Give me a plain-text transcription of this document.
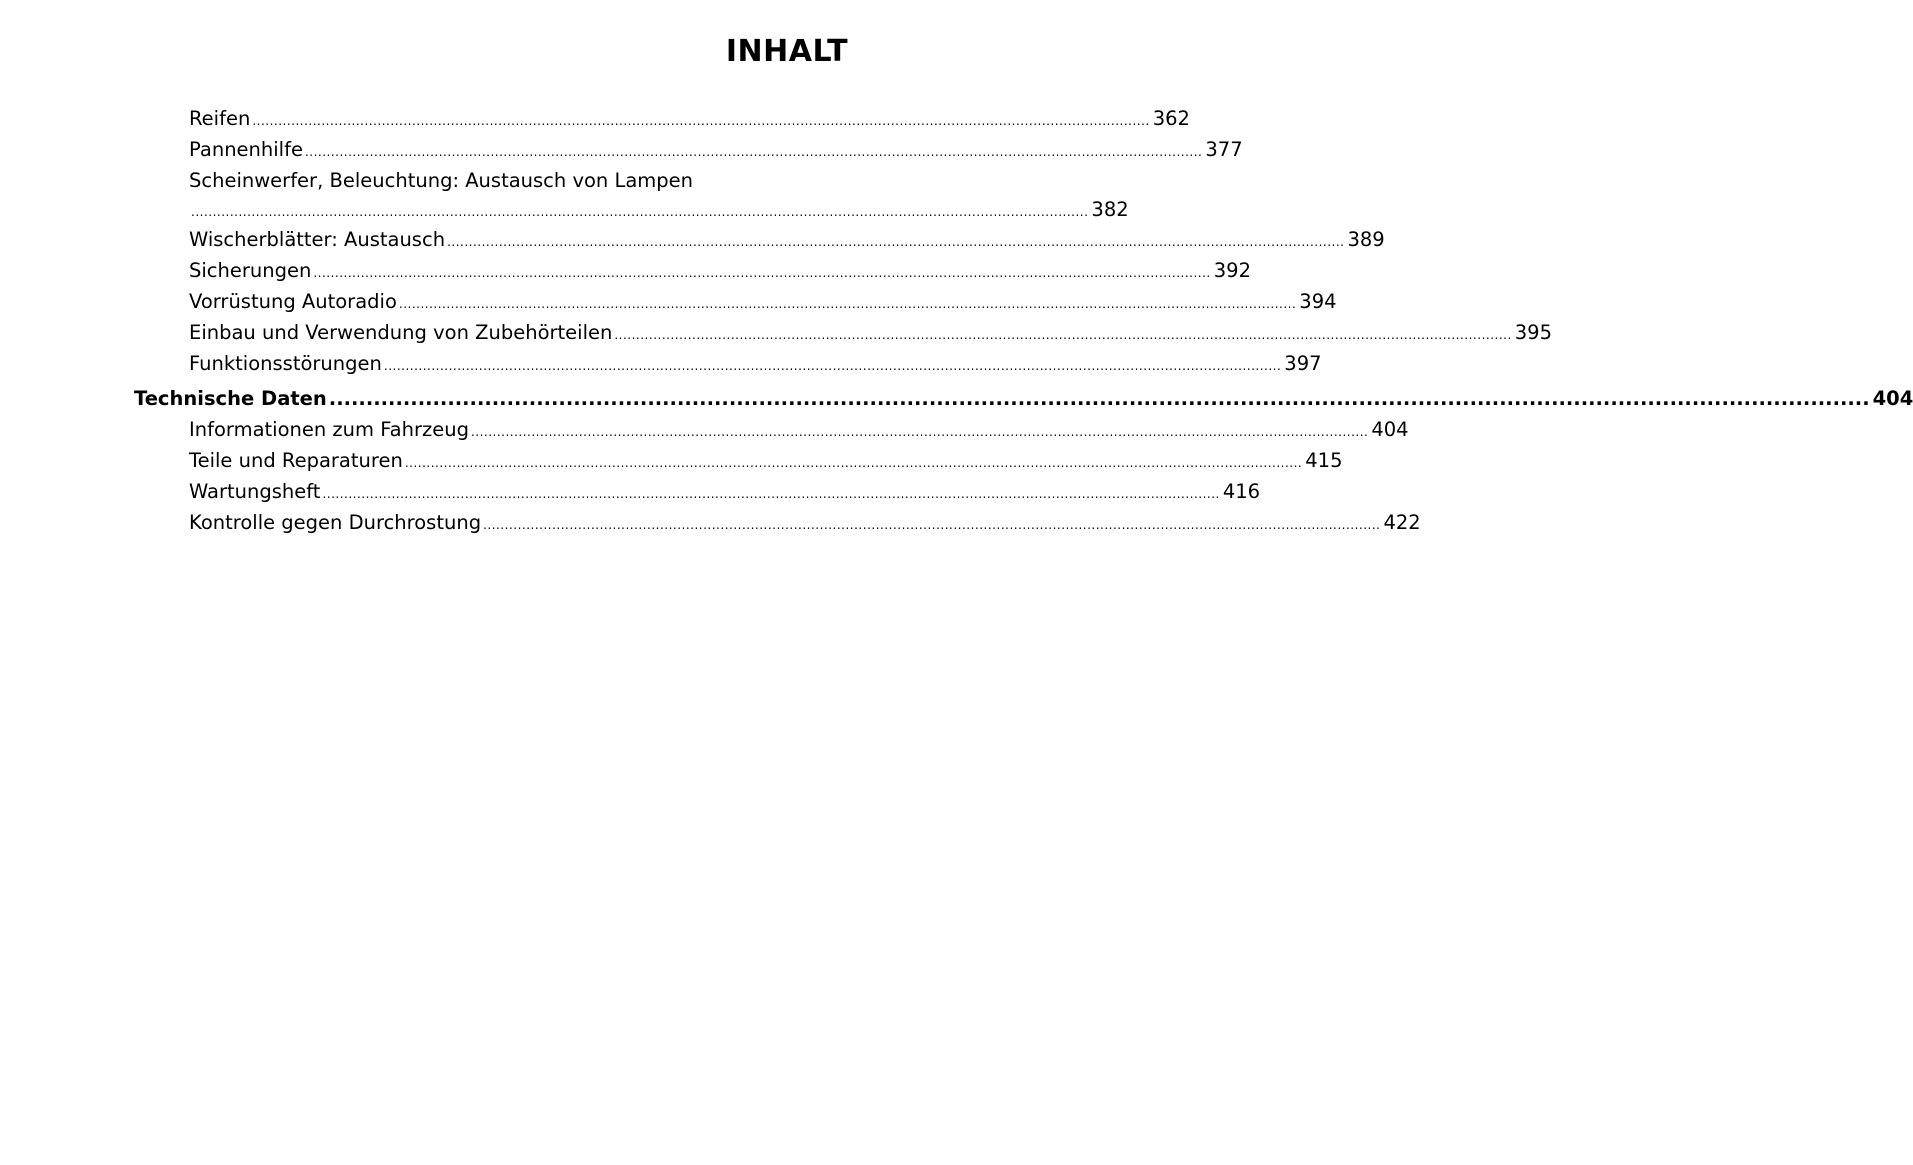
INHALT
Reifen ................................................................................................................................................................................................................ 362
Pannenhilfe ................................................................................................................................................................................................................ 377
Scheinwerfer, Beleuchtung: Austausch von Lampen
................................................................................................................................................................................................................ 382
Wischerblätter: Austausch ................................................................................................................................................................................................................ 389
Sicherungen ................................................................................................................................................................................................................ 392
Vorrüstung Autoradio ................................................................................................................................................................................................................ 394
Einbau und Verwendung von Zubehörteilen ................................................................................................................................................................................................................ 395
Funktionsstörungen ................................................................................................................................................................................................................ 397
Technische Daten ................................................................................................................................................................................................................ 404
Informationen zum Fahrzeug ................................................................................................................................................................................................................ 404
Teile und Reparaturen ................................................................................................................................................................................................................ 415
Wartungsheft ................................................................................................................................................................................................................ 416
Kontrolle gegen Durchrostung ................................................................................................................................................................................................................ 422
